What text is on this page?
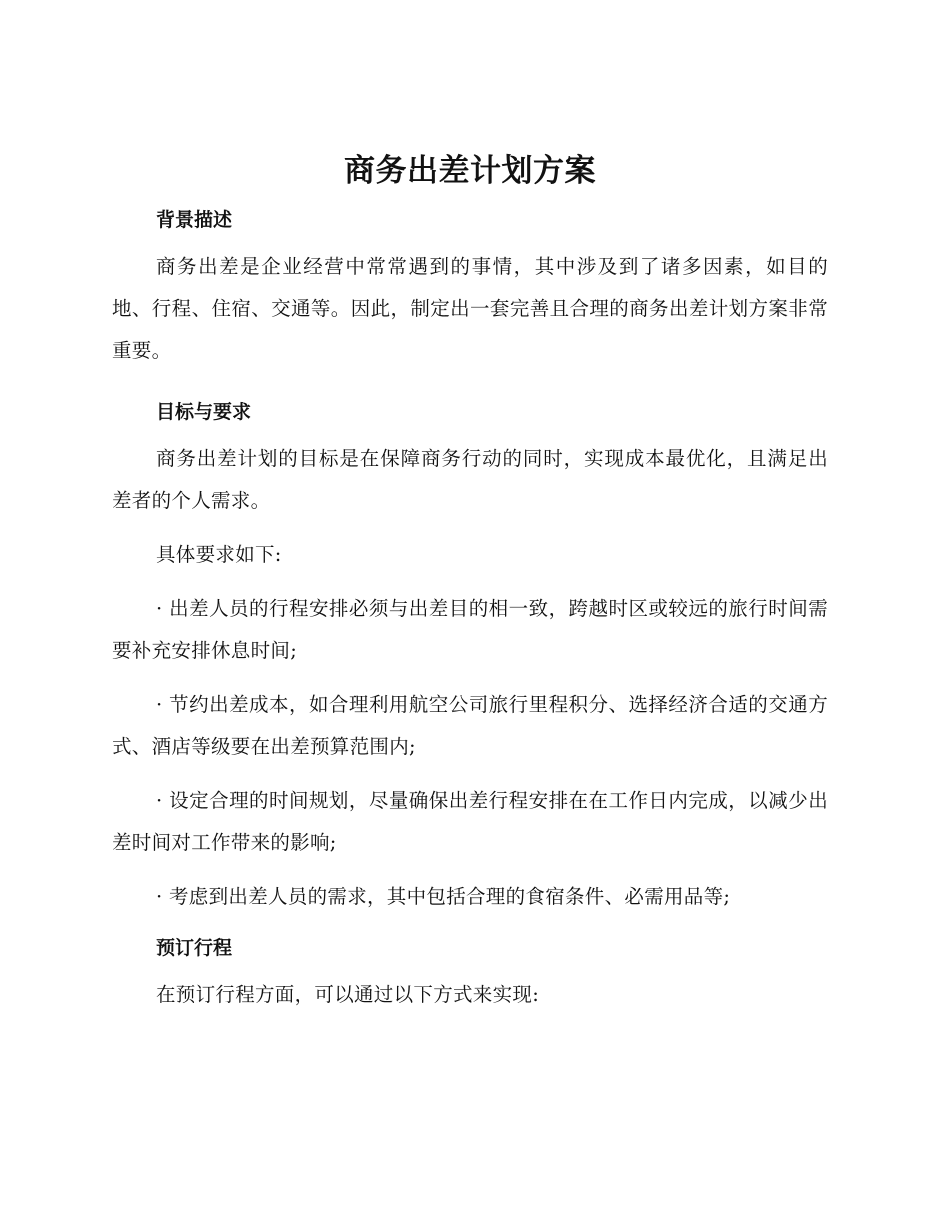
商务出差计划方案
背景描述

商务出差是企业经营中常常遇到的事情，其中涉及到了诸多因素，如目的地、行程、住宿、交通等。因此，制定出一套完善且合理的商务出差计划方案非常重要。

目标与要求

商务出差计划的目标是在保障商务行动的同时，实现成本最优化，且满足出差者的个人需求。

具体要求如下:

· 出差人员的行程安排必须与出差目的相一致，跨越时区或较远的旅行时间需要补充安排休息时间;

· 节约出差成本，如合理利用航空公司旅行里程积分、选择经济合适的交通方式、酒店等级要在出差预算范围内;

· 设定合理的时间规划，尽量确保出差行程安排在在工作日内完成，以减少出差时间对工作带来的影响;

· 考虑到出差人员的需求，其中包括合理的食宿条件、必需用品等;

预订行程

在预订行程方面，可以通过以下方式来实现:
